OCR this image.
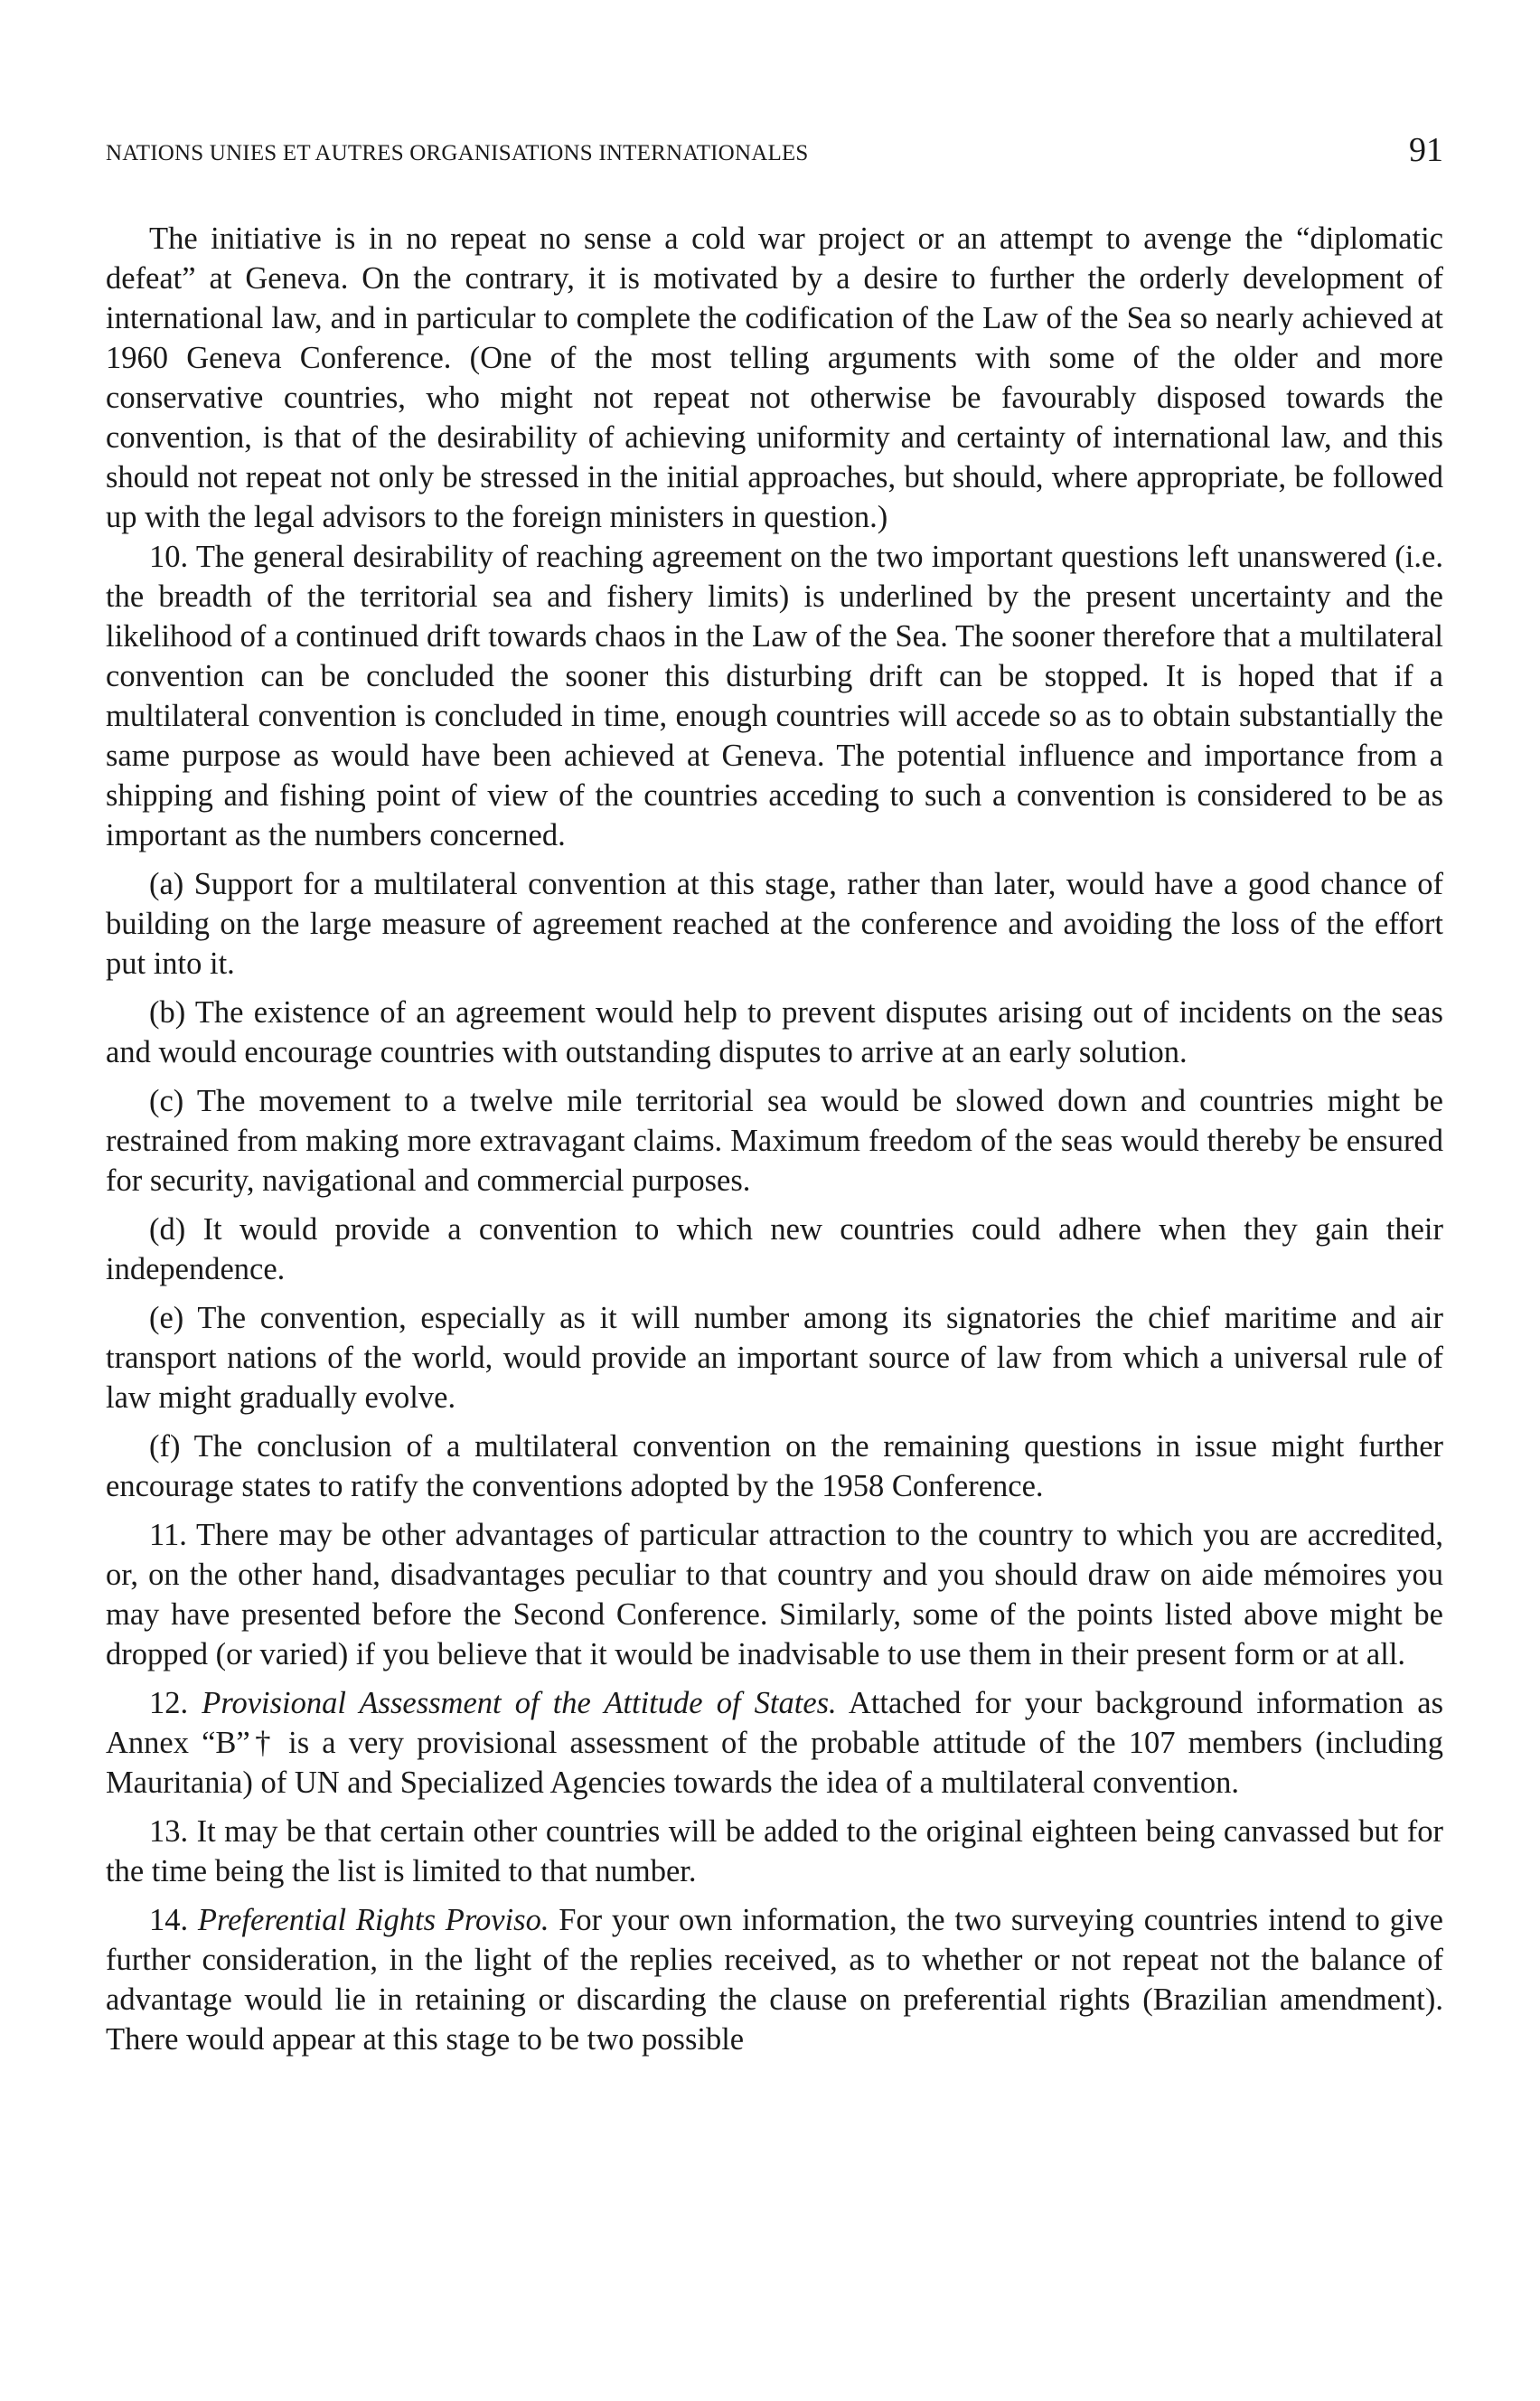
NATIONS UNIES ET AUTRES ORGANISATIONS INTERNATIONALES	91

The initiative is in no repeat no sense a cold war project or an attempt to avenge the “diplomatic defeat” at Geneva. On the contrary, it is motivated by a desire to further the orderly development of international law, and in particular to complete the codification of the Law of the Sea so nearly achieved at 1960 Geneva Conference. (One of the most telling arguments with some of the older and more conservative countries, who might not repeat not otherwise be favourably disposed towards the convention, is that of the desirability of achieving uniformity and certainty of international law, and this should not repeat not only be stressed in the initial approaches, but should, where appropriate, be followed up with the legal advisors to the foreign ministers in question.)

10. The general desirability of reaching agreement on the two important questions left unanswered (i.e. the breadth of the territorial sea and fishery limits) is underlined by the present uncertainty and the likelihood of a continued drift towards chaos in the Law of the Sea. The sooner therefore that a multilateral convention can be concluded the sooner this disturbing drift can be stopped. It is hoped that if a multilateral convention is concluded in time, enough countries will accede so as to obtain substantially the same purpose as would have been achieved at Geneva. The potential influence and importance from a shipping and fishing point of view of the countries acceding to such a convention is considered to be as important as the numbers concerned.

(a) Support for a multilateral convention at this stage, rather than later, would have a good chance of building on the large measure of agreement reached at the conference and avoiding the loss of the effort put into it.

(b) The existence of an agreement would help to prevent disputes arising out of incidents on the seas and would encourage countries with outstanding disputes to arrive at an early solution.

(c) The movement to a twelve mile territorial sea would be slowed down and countries might be restrained from making more extravagant claims. Maximum freedom of the seas would thereby be ensured for security, navigational and commercial purposes.

(d) It would provide a convention to which new countries could adhere when they gain their independence.

(e) The convention, especially as it will number among its signatories the chief maritime and air transport nations of the world, would provide an important source of law from which a universal rule of law might gradually evolve.

(f) The conclusion of a multilateral convention on the remaining questions in issue might further encourage states to ratify the conventions adopted by the 1958 Conference.

11. There may be other advantages of particular attraction to the country to which you are accredited, or, on the other hand, disadvantages peculiar to that country and you should draw on aide mémoires you may have presented before the Second Conference. Similarly, some of the points listed above might be dropped (or varied) if you believe that it would be inadvisable to use them in their present form or at all.

12. Provisional Assessment of the Attitude of States. Attached for your background information as Annex “B”† is a very provisional assessment of the probable attitude of the 107 members (including Mauritania) of UN and Specialized Agencies towards the idea of a multilateral convention.

13. It may be that certain other countries will be added to the original eighteen being canvassed but for the time being the list is limited to that number.

14. Preferential Rights Proviso. For your own information, the two surveying countries intend to give further consideration, in the light of the replies received, as to whether or not repeat not the balance of advantage would lie in retaining or discarding the clause on preferential rights (Brazilian amendment). There would appear at this stage to be two possible
